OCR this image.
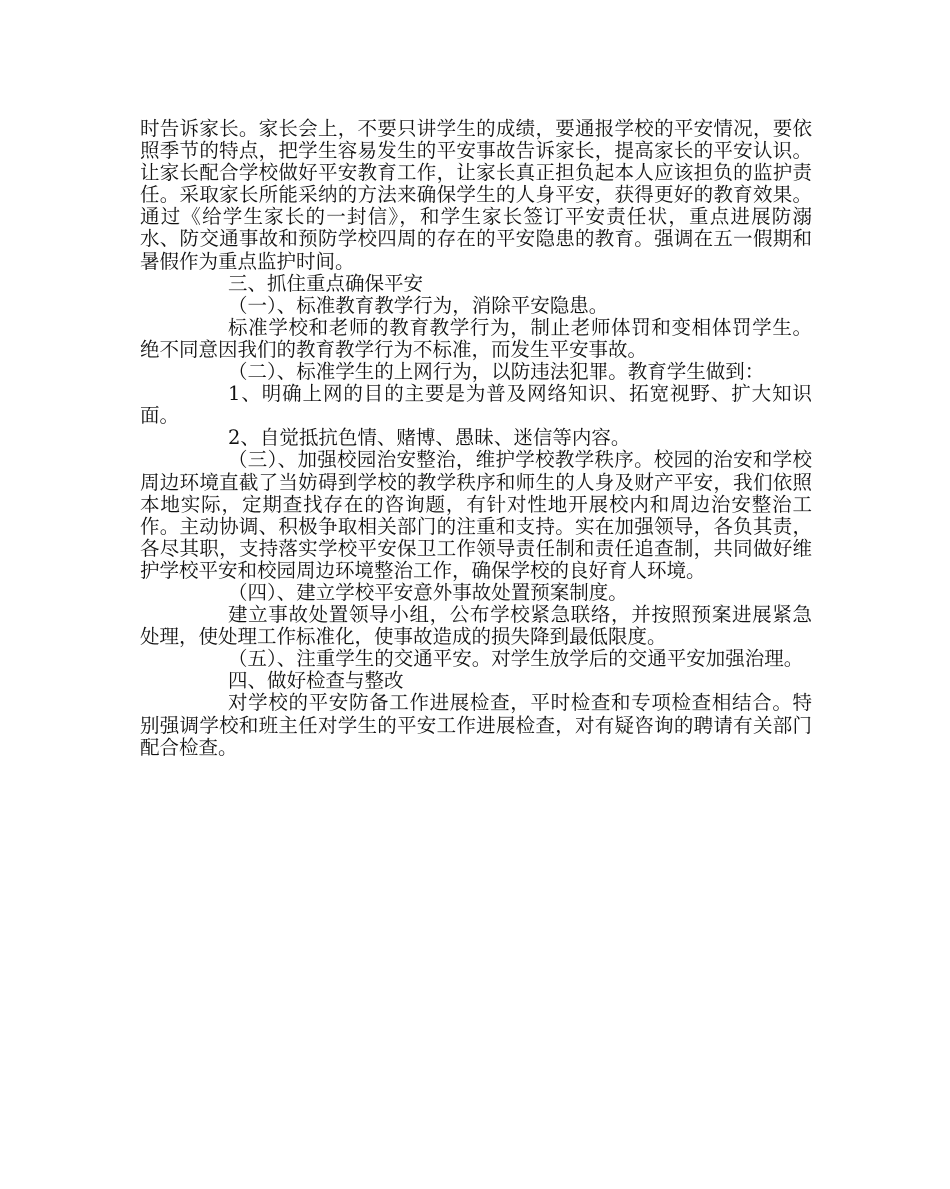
时告诉家长。家长会上，不要只讲学生的成绩，要通报学校的平安情况，要依照季节的特点，把学生容易发生的平安事故告诉家长，提高家长的平安认识。让家长配合学校做好平安教育工作，让家长真正担负起本人应该担负的监护责任。采取家长所能采纳的方法来确保学生的人身平安，获得更好的教育效果。通过《给学生家长的一封信》，和学生家长签订平安责任状，重点进展防溺水、防交通事故和预防学校四周的存在的平安隐患的教育。强调在五一假期和暑假作为重点监护时间。

三、抓住重点确保平安

（一）、标准教育教学行为，消除平安隐患。

标准学校和老师的教育教学行为，制止老师体罚和变相体罚学生。绝不同意因我们的教育教学行为不标准，而发生平安事故。

（二）、标准学生的上网行为，以防违法犯罪。教育学生做到：

1、明确上网的目的主要是为普及网络知识、拓宽视野、扩大知识面。

2、自觉抵抗色情、赌博、愚昧、迷信等内容。

（三）、加强校园治安整治，维护学校教学秩序。校园的治安和学校周边环境直截了当妨碍到学校的教学秩序和师生的人身及财产平安，我们依照本地实际，定期查找存在的咨询题，有针对性地开展校内和周边治安整治工作。主动协调、积极争取相关部门的注重和支持。实在加强领导，各负其责，各尽其职，支持落实学校平安保卫工作领导责任制和责任追查制，共同做好维护学校平安和校园周边环境整治工作，确保学校的良好育人环境。

（四）、建立学校平安意外事故处置预案制度。

建立事故处置领导小组，公布学校紧急联络，并按照预案进展紧急处理，使处理工作标准化，使事故造成的损失降到最低限度。

（五）、注重学生的交通平安。对学生放学后的交通平安加强治理。

四、做好检查与整改

对学校的平安防备工作进展检查，平时检查和专项检查相结合。特别强调学校和班主任对学生的平安工作进展检查，对有疑咨询的聘请有关部门配合检查。
